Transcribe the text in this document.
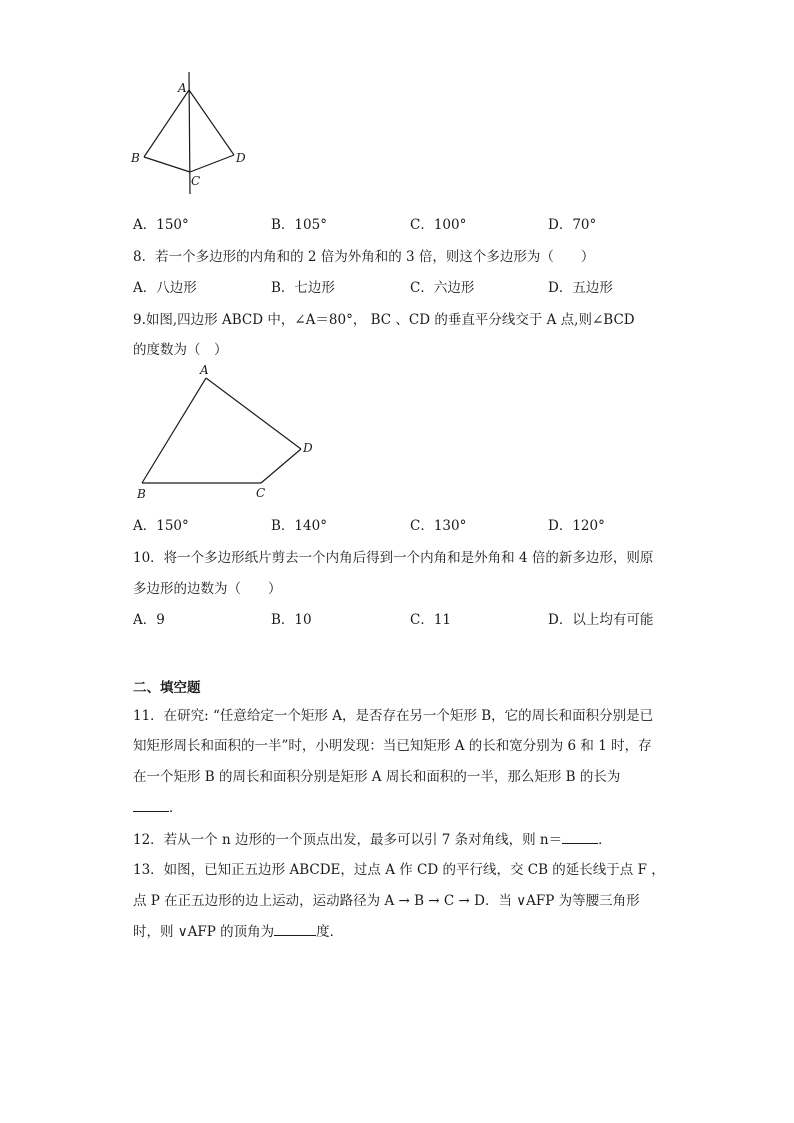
A
B
C
D
A．150°	B．105°	C．100°	D．70°
8．若一个多边形的内角和的 2 倍为外角和的 3 倍，则这个多边形为（　　）
A．八边形	B．七边形	C．六边形	D．五边形
9.如图,四边形 ABCD 中，∠A＝80°， BC 、CD 的垂直平分线交于 A 点,则∠BCD
的度数为（　）
A
B	C
D
A．150°	B．140°	C．130°	D．120°
10．将一个多边形纸片剪去一个内角后得到一个内角和是外角和 4 倍的新多边形，则原
多边形的边数为（　　）
A．9	B．10	C．11	D．以上均有可能
二、填空题
11．在研究: “任意给定一个矩形 A，是否存在另一个矩形 B，它的周长和面积分别是已
知矩形周长和面积的一半”时，小明发现：当已知矩形 A 的长和宽分别为 6 和 1 时，存
在一个矩形 B 的周长和面积分别是矩形 A 周长和面积的一半，那么矩形 B 的长为
．
12．若从一个 n 边形的一个顶点出发，最多可以引 7 条对角线，则 n＝	．
13．如图，已知正五边形 ABCDE，过点 A 作 CD 的平行线，交 CB 的延长线于点 F ，
点 P 在正五边形的边上运动，运动路径为 A → B → C → D．当 ∨AFP 为等腰三角形
时，则 ∨AFP 的顶角为	度．
